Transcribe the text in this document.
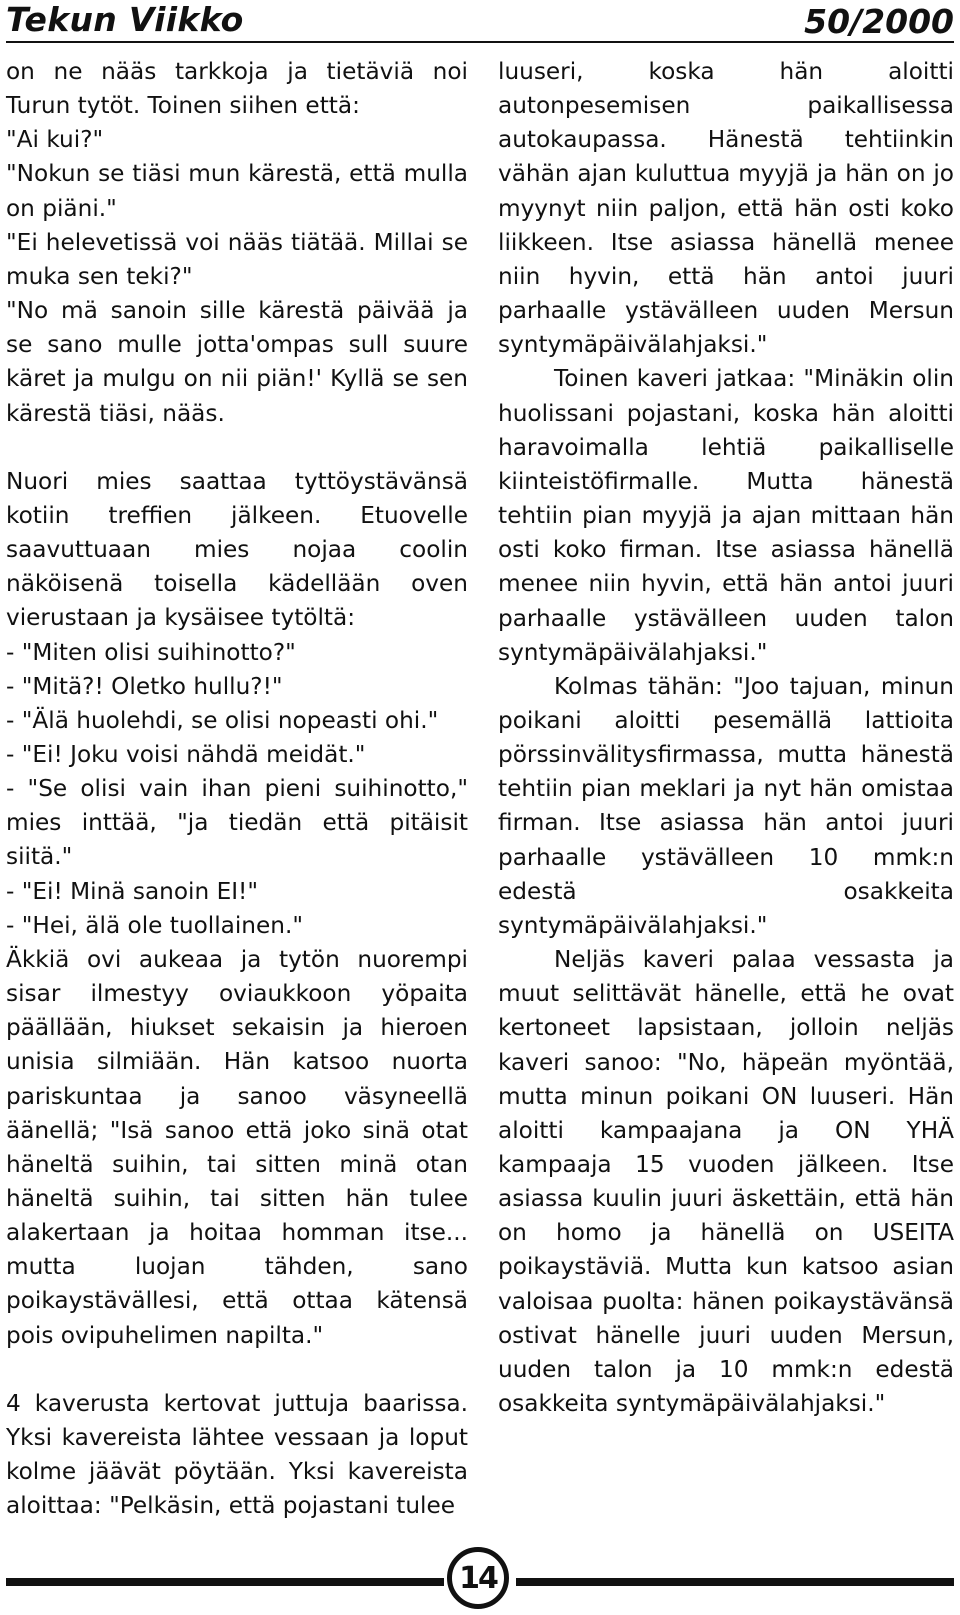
Tekun Viikko	50/2000

on ne nääs tarkkoja ja tietäviä noi Turun tytöt. Toinen siihen että:

"Ai kui?"

"Nokun se tiäsi mun kärestä, että mulla on piäni."

"Ei helevetissä voi nääs tiätää. Millai se muka sen teki?"

"No mä sanoin sille kärestä päivää ja se sano mulle jotta'ompas sull suure käret ja mulgu on nii piän!' Kyllä se sen kärestä tiäsi, nääs.

Nuori mies saattaa tyttöystävänsä kotiin treffien jälkeen. Etuovelle saavuttuaan mies nojaa coolin näköisenä toisella kädellään oven vierustaan ja kysäisee tytöltä:

- "Miten olisi suihinotto?"

- "Mitä?! Oletko hullu?!"

- "Älä huolehdi, se olisi nopeasti ohi."

- "Ei! Joku voisi nähdä meidät."

- "Se olisi vain ihan pieni suihinotto," mies inttää, "ja tiedän että pitäisit siitä."

- "Ei! Minä sanoin EI!"

- "Hei, älä ole tuollainen."

Äkkiä ovi aukeaa ja tytön nuorempi sisar ilmestyy oviaukkoon yöpaita päällään, hiukset sekaisin ja hieroen unisia silmiään. Hän katsoo nuorta pariskuntaa ja sanoo väsyneellä äänellä; "Isä sanoo että joko sinä otat häneltä suihin, tai sitten minä otan häneltä suihin, tai sitten hän tulee alakertaan ja hoitaa homman itse... mutta luojan tähden, sano poikaystävällesi, että ottaa kätensä pois ovipuhelimen napilta."

4 kaverusta kertovat juttuja baarissa. Yksi kavereista lähtee vessaan ja loput kolme jäävät pöytään. Yksi kavereista aloittaa: "Pelkäsin, että pojastani tulee

luuseri, koska hän aloitti autonpesemisen paikallisessa autokaupassa. Hänestä tehtiinkin vähän ajan kuluttua myyjä ja hän on jo myynyt niin paljon, että hän osti koko liikkeen. Itse asiassa hänellä menee niin hyvin, että hän antoi juuri parhaalle ystävälleen uuden Mersun syntymäpäivälahjaksi."

Toinen kaveri jatkaa: "Minäkin olin huolissani pojastani, koska hän aloitti haravoimalla lehtiä paikalliselle kiinteistöfirmalle. Mutta hänestä tehtiin pian myyjä ja ajan mittaan hän osti koko firman. Itse asiassa hänellä menee niin hyvin, että hän antoi juuri parhaalle ystävälleen uuden talon syntymäpäivälahjaksi."

Kolmas tähän: "Joo tajuan, minun poikani aloitti pesemällä lattioita pörssinvälitysfirmassa, mutta hänestä tehtiin pian meklari ja nyt hän omistaa firman. Itse asiassa hän antoi juuri parhaalle ystävälleen 10 mmk:n edestä osakkeita syntymäpäivälahjaksi."

Neljäs kaveri palaa vessasta ja muut selittävät hänelle, että he ovat kertoneet lapsistaan, jolloin neljäs kaveri sanoo: "No, häpeän myöntää, mutta minun poikani ON luuseri. Hän aloitti kampaajana ja ON YHÄ kampaaja 15 vuoden jälkeen. Itse asiassa kuulin juuri äskettäin, että hän on homo ja hänellä on USEITA poikaystäviä. Mutta kun katsoo asian valoisaa puolta: hänen poikaystävänsä ostivat hänelle juuri uuden Mersun, uuden talon ja 10 mmk:n edestä osakkeita syntymäpäivälahjaksi."

14
